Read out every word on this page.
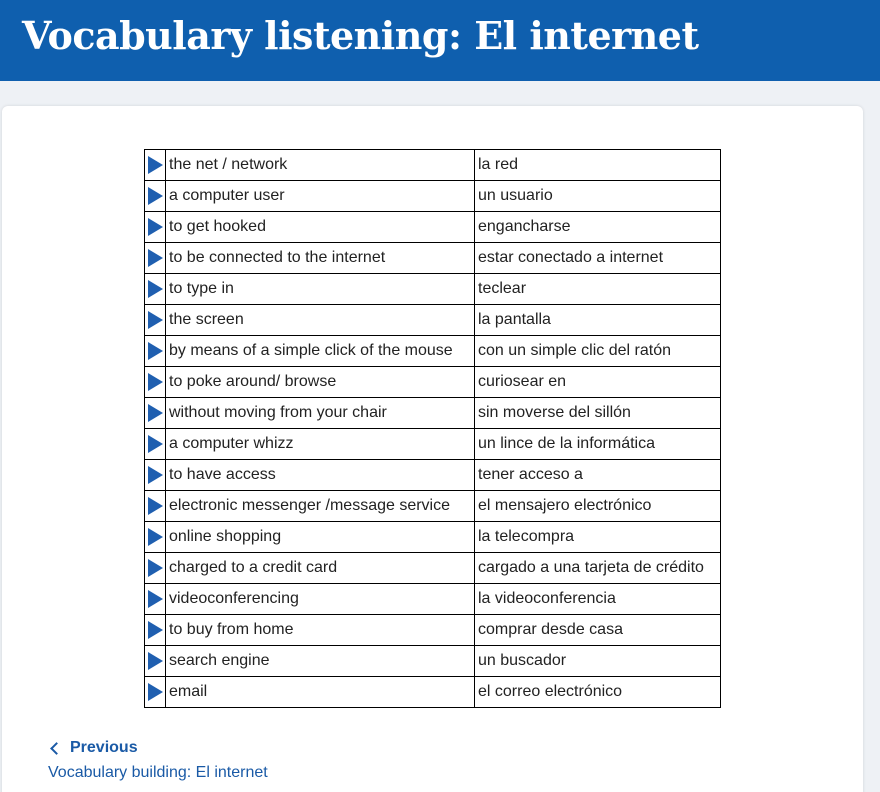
Vocabulary listening: El internet
	the net / network	la red
	a computer user	un usuario
	to get hooked	engancharse
	to be connected to the internet	estar conectado a internet
	to type in	teclear
	the screen	la pantalla
	by means of a simple click of the mouse	con un simple clic del ratón
	to poke around/ browse	curiosear en
	without moving from your chair	sin moverse del sillón
	a computer whizz	un lince de la informática
	to have access	tener acceso a
	electronic messenger /message service	el mensajero electrónico
	online shopping	la telecompra
	charged to a credit card	cargado a una tarjeta de crédito
	videoconferencing	la videoconferencia
	to buy from home	comprar desde casa
	search engine	un buscador
	email	el correo electrónico
Previous
Vocabulary building: El internet
